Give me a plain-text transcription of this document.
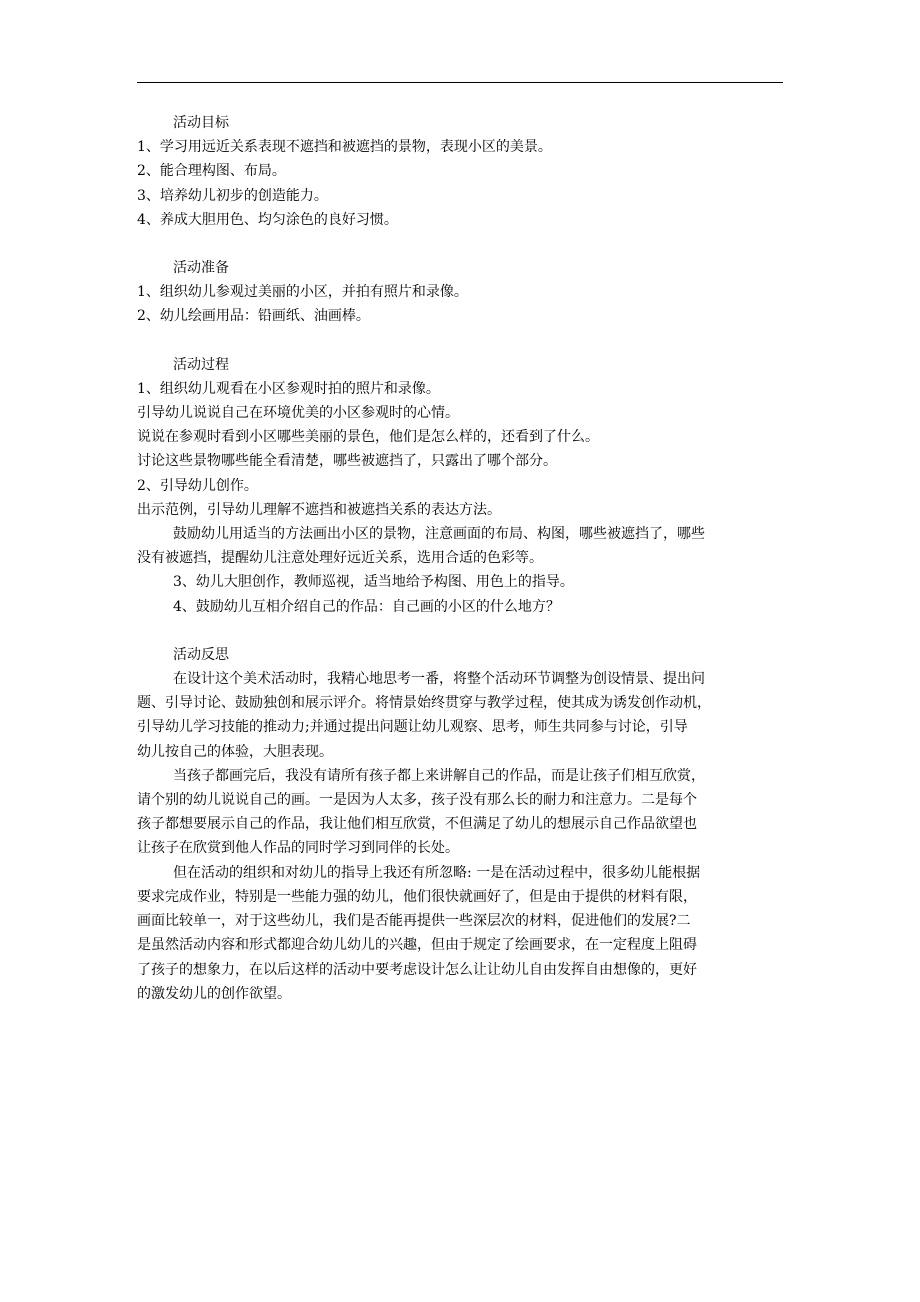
活动目标

1、学习用远近关系表现不遮挡和被遮挡的景物，表现小区的美景。

2、能合理构图、布局。

3、培养幼儿初步的创造能力。

4、养成大胆用色、均匀涂色的良好习惯。

活动准备

1、组织幼儿参观过美丽的小区，并拍有照片和录像。

2、幼儿绘画用品：铅画纸、油画棒。

活动过程

1、组织幼儿观看在小区参观时拍的照片和录像。

引导幼儿说说自己在环境优美的小区参观时的心情。

说说在参观时看到小区哪些美丽的景色，他们是怎么样的，还看到了什么。

讨论这些景物哪些能全看清楚，哪些被遮挡了，只露出了哪个部分。

2、引导幼儿创作。

出示范例，引导幼儿理解不遮挡和被遮挡关系的表达方法。

鼓励幼儿用适当的方法画出小区的景物，注意画面的布局、构图，哪些被遮挡了，哪些

没有被遮挡，提醒幼儿注意处理好远近关系，选用合适的色彩等。

3、幼儿大胆创作，教师巡视，适当地给予构图、用色上的指导。

4、鼓励幼儿互相介绍自己的作品：自己画的小区的什么地方？

活动反思

在设计这个美术活动时，我精心地思考一番，将整个活动环节调整为创设情景、提出问
题、引导讨论、鼓励独创和展示评介。将情景始终贯穿与教学过程，使其成为诱发创作动机，
引导幼儿学习技能的推动力;并通过提出问题让幼儿观察、思考，师生共同参与讨论，引导
幼儿按自己的体验，大胆表现。

当孩子都画完后，我没有请所有孩子都上来讲解自己的作品，而是让孩子们相互欣赏，
请个别的幼儿说说自己的画。一是因为人太多，孩子没有那么长的耐力和注意力。二是每个
孩子都想要展示自己的作品，我让他们相互欣赏，不但满足了幼儿的想展示自己作品欲望也
让孩子在欣赏到他人作品的同时学习到同伴的长处。

但在活动的组织和对幼儿的指导上我还有所忽略: 一是在活动过程中，很多幼儿能根据
要求完成作业，特别是一些能力强的幼儿，他们很快就画好了，但是由于提供的材料有限，
画面比较单一，对于这些幼儿，我们是否能再提供一些深层次的材料，促进他们的发展?二
是虽然活动内容和形式都迎合幼儿幼儿的兴趣，但由于规定了绘画要求，在一定程度上阻碍
了孩子的想象力，在以后这样的活动中要考虑设计怎么让让幼儿自由发挥自由想像的，更好
的激发幼儿的创作欲望。
